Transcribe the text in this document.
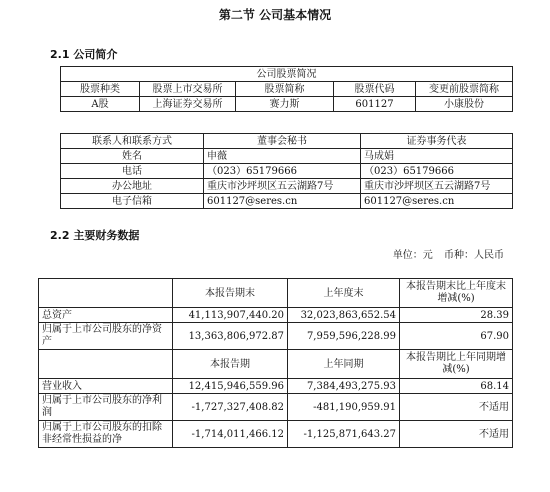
第二节 公司基本情况
2.1 公司简介
公司股票简况				
股票种类	股票上市交易所	股票简称	股票代码	变更前股票简称
A股	上海证券交易所	赛力斯	601127	小康股份
联系人和联系方式	董事会秘书	证券事务代表
姓名	申薇	马成娟
电话	（023）65179666	（023）65179666
办公地址	重庆市沙坪坝区五云湖路7号	重庆市沙坪坝区五云湖路7号
电子信箱	601127@seres.cn	601127@seres.cn
2.2 主要财务数据
单位：元 币种：人民币
	本报告期末	上年度末	本报告期末比上年度末增减(%)
总资产	41,113,907,440.20	32,023,863,652.54	28.39
归属于上市公司股东的净资产	13,363,806,972.87	7,959,596,228.99	67.90
	本报告期	上年同期	本报告期比上年同期增减(%)
营业收入	12,415,946,559.96	7,384,493,275.93	68.14
归属于上市公司股东的净利润	-1,727,327,408.82	-481,190,959.91	不适用
归属于上市公司股东的扣除非经常性损益的净	-1,714,011,466.12	-1,125,871,643.27	不适用
